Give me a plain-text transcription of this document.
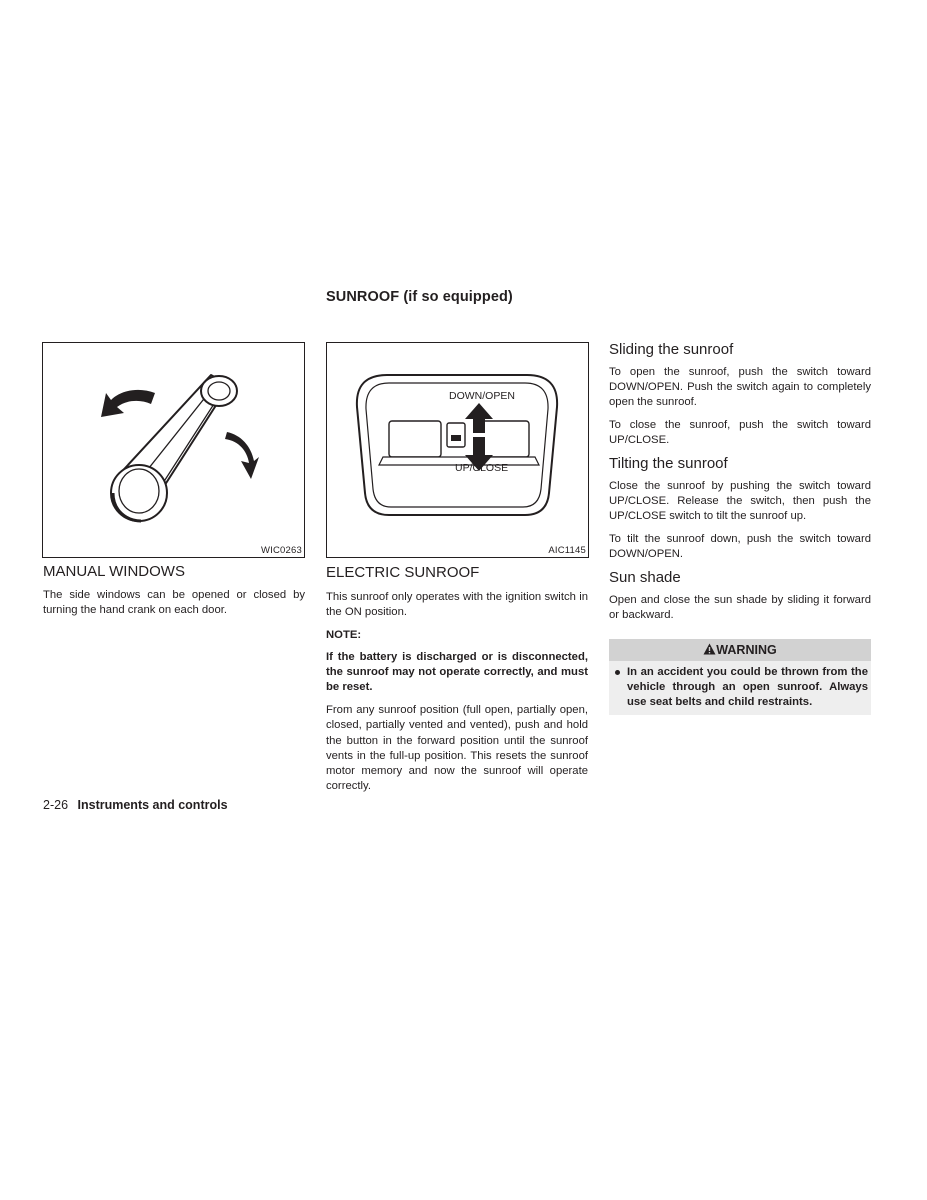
SUNROOF (if so equipped)
WIC0263
DOWN/OPEN
UP/CLOSE
AIC1145
MANUAL WINDOWS

The side windows can be opened or closed by turning the hand crank on each door.

ELECTRIC SUNROOF

This sunroof only operates with the ignition switch in the ON position.

NOTE:

If the battery is discharged or is disconnected, the sunroof may not operate correctly, and must be reset.

From any sunroof position (full open, partially open, closed, partially vented and vented), push and hold the button in the forward position until the sunroof vents in the full-up position. This resets the sunroof motor memory and now the sunroof will operate correctly.

Sliding the sunroof

To open the sunroof, push the switch toward DOWN/OPEN. Push the switch again to completely open the sunroof.

To close the sunroof, push the switch toward UP/CLOSE.

Tilting the sunroof

Close the sunroof by pushing the switch toward UP/CLOSE. Release the switch, then push the UP/CLOSE switch to tilt the sunroof up.

To tilt the sunroof down, push the switch toward DOWN/OPEN.

Sun shade

Open and close the sun shade by sliding it forward or backward.

WARNING
In an accident you could be thrown from the vehicle through an open sunroof. Always use seat belts and child restraints.
2-26 Instruments and controls
